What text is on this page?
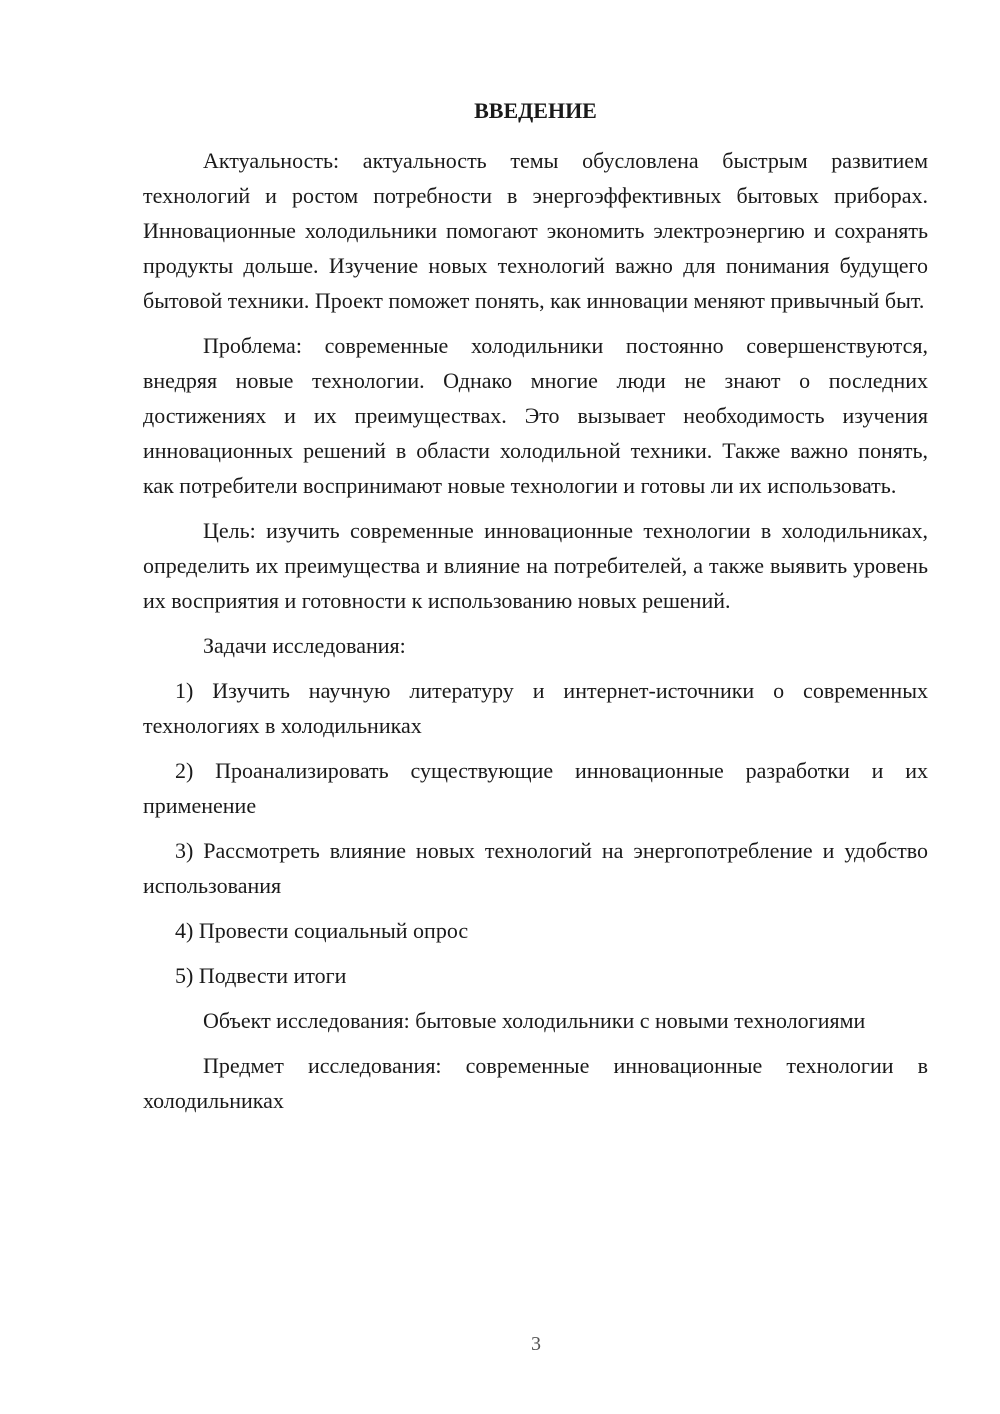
ВВЕДЕНИЕ

Актуальность: актуальность темы обусловлена быстрым развитием технологий и ростом потребности в энергоэффективных бытовых приборах. Инновационные холодильники помогают экономить электроэнергию и сохранять продукты дольше. Изучение новых технологий важно для понимания будущего бытовой техники. Проект поможет понять, как инновации меняют привычный быт.

Проблема: современные холодильники постоянно совершенствуются, внедряя новые технологии. Однако многие люди не знают о последних достижениях и их преимуществах. Это вызывает необходимость изучения инновационных решений в области холодильной техники. Также важно понять, как потребители воспринимают новые технологии и готовы ли их использовать.

Цель: изучить современные инновационные технологии в холодильниках, определить их преимущества и влияние на потребителей, а также выявить уровень их восприятия и готовности к использованию новых решений.

Задачи исследования:

1) Изучить научную литературу и интернет-источники о современных технологиях в холодильниках

2) Проанализировать существующие инновационные разработки и их применение

3) Рассмотреть влияние новых технологий на энергопотребление и удобство использования

4) Провести социальный опрос

5) Подвести итоги

Объект исследования: бытовые холодильники с новыми технологиями

Предмет исследования: современные инновационные технологии в холодильниках

3
